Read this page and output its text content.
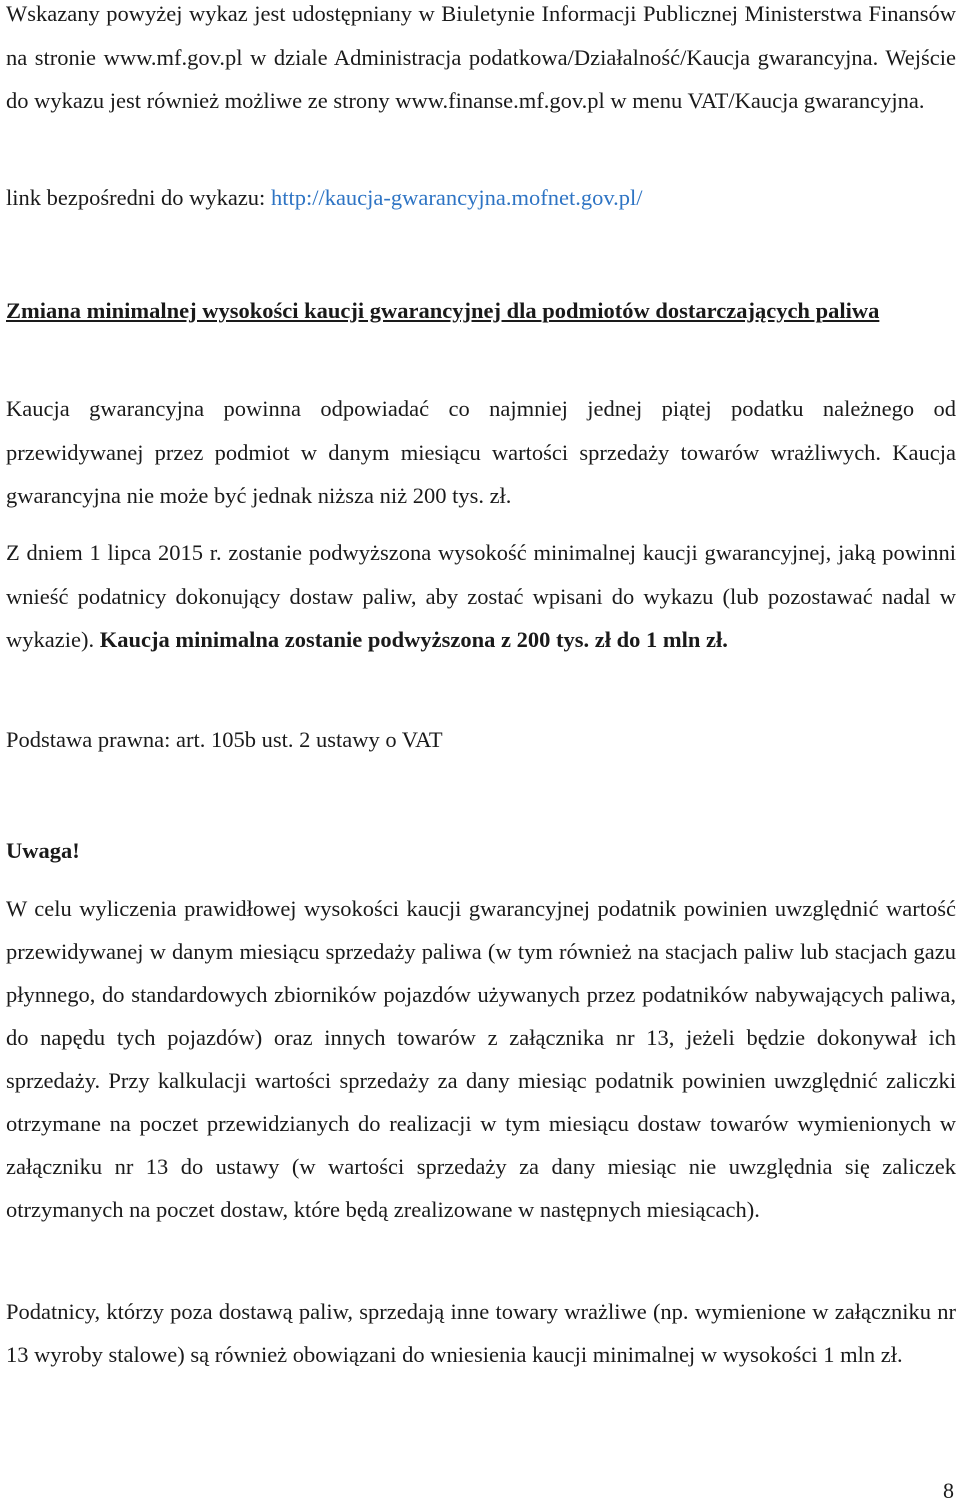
Wskazany powyżej wykaz jest udostępniany w Biuletynie Informacji Publicznej Ministerstwa Finansów na stronie www.mf.gov.pl w dziale Administracja podatkowa/Działalność/Kaucja gwarancyjna. Wejście do wykazu jest również możliwe ze strony www.finanse.mf.gov.pl w menu VAT/Kaucja gwarancyjna.

link bezpośredni do wykazu: http://kaucja-gwarancyjna.mofnet.gov.pl/

Zmiana minimalnej wysokości kaucji gwarancyjnej dla podmiotów dostarczających paliwa

Kaucja gwarancyjna powinna odpowiadać co najmniej jednej piątej podatku należnego od przewidywanej przez podmiot w danym miesiącu wartości sprzedaży towarów wrażliwych. Kaucja gwarancyjna nie może być jednak niższa niż 200 tys. zł.

Z dniem 1 lipca 2015 r. zostanie podwyższona wysokość minimalnej kaucji gwarancyjnej, jaką powinni wnieść podatnicy dokonujący dostaw paliw, aby zostać wpisani do wykazu (lub pozostawać nadal w wykazie). Kaucja minimalna zostanie podwyższona z 200 tys. zł do 1 mln zł.

Podstawa prawna: art. 105b ust. 2 ustawy o VAT

Uwaga!

W celu wyliczenia prawidłowej wysokości kaucji gwarancyjnej podatnik powinien uwzględnić wartość przewidywanej w danym miesiącu sprzedaży paliwa (w tym również na stacjach paliw lub stacjach gazu płynnego, do standardowych zbiorników pojazdów używanych przez podatników nabywających paliwa, do napędu tych pojazdów) oraz innych towarów z załącznika nr 13, jeżeli będzie dokonywał ich sprzedaży. Przy kalkulacji wartości sprzedaży za dany miesiąc podatnik powinien uwzględnić zaliczki otrzymane na poczet przewidzianych do realizacji w tym miesiącu dostaw towarów wymienionych w załączniku nr 13 do ustawy (w wartości sprzedaży za dany miesiąc nie uwzględnia się zaliczek otrzymanych na poczet dostaw, które będą zrealizowane w następnych miesiącach).

Podatnicy, którzy poza dostawą paliw, sprzedają inne towary wrażliwe (np. wymienione w załączniku nr 13 wyroby stalowe) są również obowiązani do wniesienia kaucji minimalnej w wysokości 1 mln zł.

8
